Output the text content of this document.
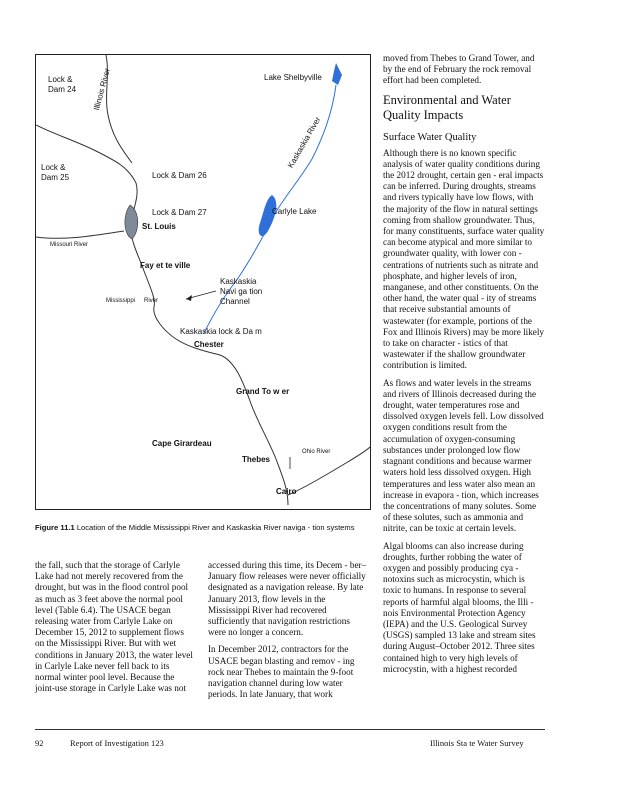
Lock &
Dam 24 Illinois River	Lake Shelbyville
Kaskaskia River
Lock &
Dam 25	Lock & Dam 26
Lock & Dam 27	Carlyle Lake
St. Louis
Missouri River
Fay et te ville
Kaskaskia
Navi ga tion
Channel
Mississippi River
Kaskaskia lock & Da m
Chester
Grand To w er
Cape Girardeau
Ohio River
Thebes
Cairo
Figure 11.1 Location of the Middle Mississippi River and Kaskaskia River naviga - tion systems

the fall, such that the storage of Carlyle Lake had not merely recovered from the drought, but was in the flood control pool as much as 3 feet above the normal pool level (Table 6.4). The USACE began releasing water from Carlyle Lake on December 15, 2012 to supplement flows on the Mississippi River. But with wet conditions in January 2013, the water level in Carlyle Lake never fell back to its normal winter pool level. Because the joint-use storage in Carlyle Lake was not

accessed during this time, its Decem - ber–January flow releases were never officially designated as a navigation release. By late January 2013, flow levels in the Mississippi River had recovered sufficiently that navigation restrictions were no longer a concern.

In December 2012, contractors for the USACE began blasting and remov - ing rock near Thebes to maintain the 9-foot navigation channel during low water periods. In late January, that work

moved from Thebes to Grand Tower, and by the end of February the rock removal effort had been completed.

Environmental and Water Quality Impacts
Surface Water Quality

Although there is no known specific analysis of water quality conditions during the 2012 drought, certain gen - eral impacts can be inferred. During droughts, streams and rivers typically have low flows, with the majority of the flow in natural settings coming from shallow groundwater. Thus, for many constituents, surface water quality can become atypical and more similar to groundwater quality, with lower con - centrations of nutrients such as nitrate and phosphate, and higher levels of iron, manganese, and other constituents. On the other hand, the water qual - ity of streams that receive substantial amounts of wastewater (for example, portions of the Fox and Illinois Rivers) may be more likely to take on character - istics of that wastewater if the shallow groundwater contribution is limited.

As flows and water levels in the streams and rivers of Illinois decreased during the drought, water temperatures rose and dissolved oxygen levels fell. Low dissolved oxygen conditions result from the accumulation of oxygen-consuming substances under prolonged low flow stagnant conditions and because warmer waters hold less dissolved oxygen. High temperatures and less water also mean an increase in evapora - tion, which increases the concentrations of many solutes. Some of these solutes, such as ammonia and nitrite, can be toxic at certain levels.

Algal blooms can also increase during droughts, further robbing the water of oxygen and possibly producing cya - notoxins such as microcystin, which is toxic to humans. In response to several reports of harmful algal blooms, the Illi - nois Environmental Protection Agency (IEPA) and the U.S. Geological Survey (USGS) sampled 13 lake and stream sites during August–October 2012. Three sites contained high to very high levels of microcystin, with a highest recorded

92	Report of Investigation 123	Illinois Sta te Water Survey
